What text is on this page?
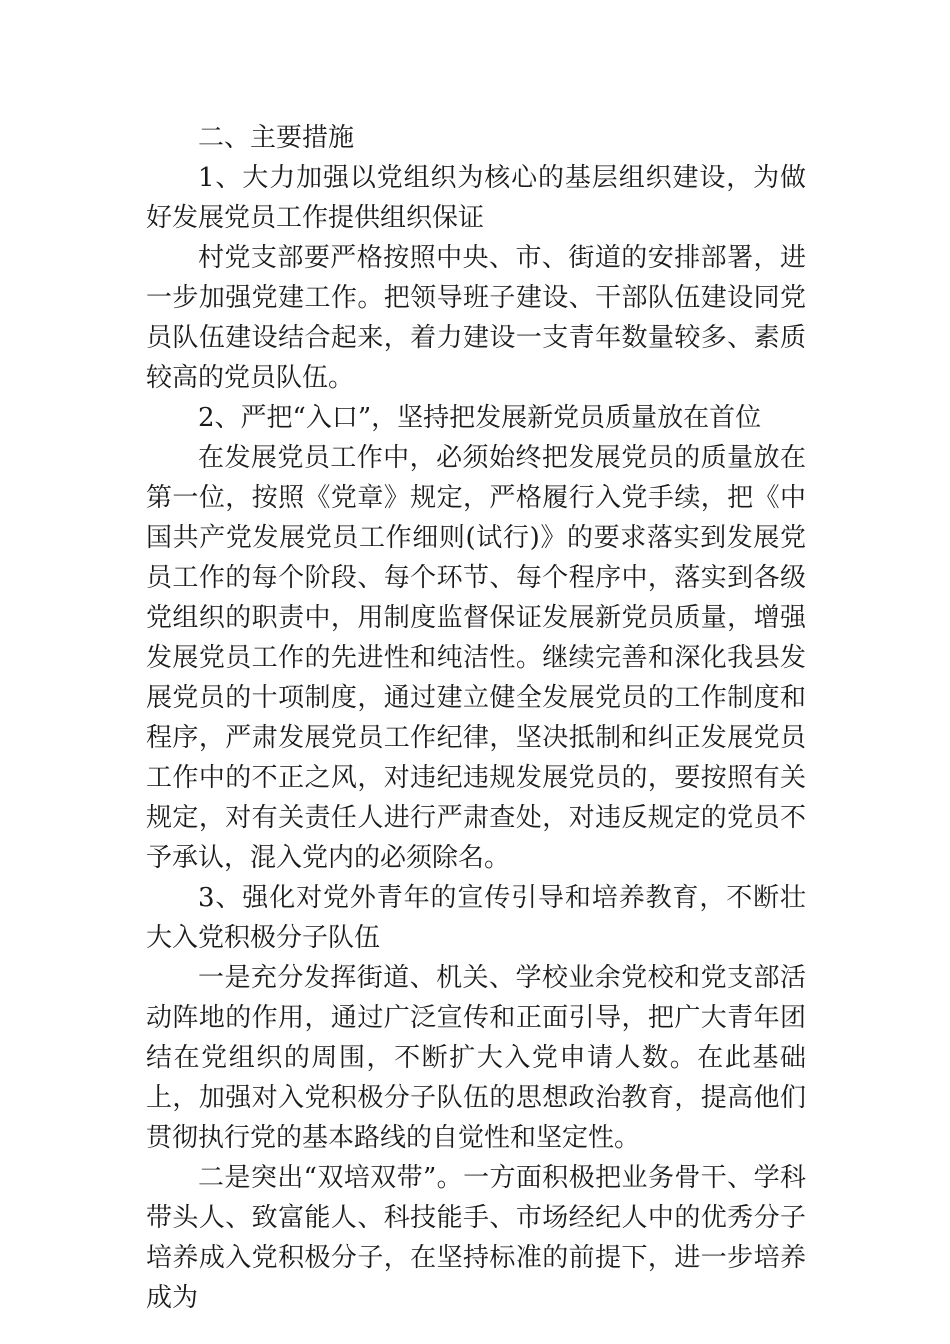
二、主要措施

1、大力加强以党组织为核心的基层组织建设，为做好发展党员工作提供组织保证

村党支部要严格按照中央、市、街道的安排部署，进一步加强党建工作。把领导班子建设、干部队伍建设同党员队伍建设结合起来，着力建设一支青年数量较多、素质较高的党员队伍。

2、严把“入口”，坚持把发展新党员质量放在首位

在发展党员工作中，必须始终把发展党员的质量放在第一位，按照《党章》规定，严格履行入党手续，把《中国共产党发展党员工作细则(试行)》的要求落实到发展党员工作的每个阶段、每个环节、每个程序中，落实到各级党组织的职责中，用制度监督保证发展新党员质量，增强发展党员工作的先进性和纯洁性。继续完善和深化我县发展党员的十项制度，通过建立健全发展党员的工作制度和程序，严肃发展党员工作纪律，坚决抵制和纠正发展党员工作中的不正之风，对违纪违规发展党员的，要按照有关规定，对有关责任人进行严肃查处，对违反规定的党员不予承认，混入党内的必须除名。

3、强化对党外青年的宣传引导和培养教育，不断壮大入党积极分子队伍

一是充分发挥街道、机关、学校业余党校和党支部活动阵地的作用，通过广泛宣传和正面引导，把广大青年团结在党组织的周围，不断扩大入党申请人数。在此基础上，加强对入党积极分子队伍的思想政治教育，提高他们贯彻执行党的基本路线的自觉性和坚定性。

二是突出“双培双带”。一方面积极把业务骨干、学科带头人、致富能人、科技能手、市场经纪人中的优秀分子培养成入党积极分子，在坚持标准的前提下，进一步培养成为
